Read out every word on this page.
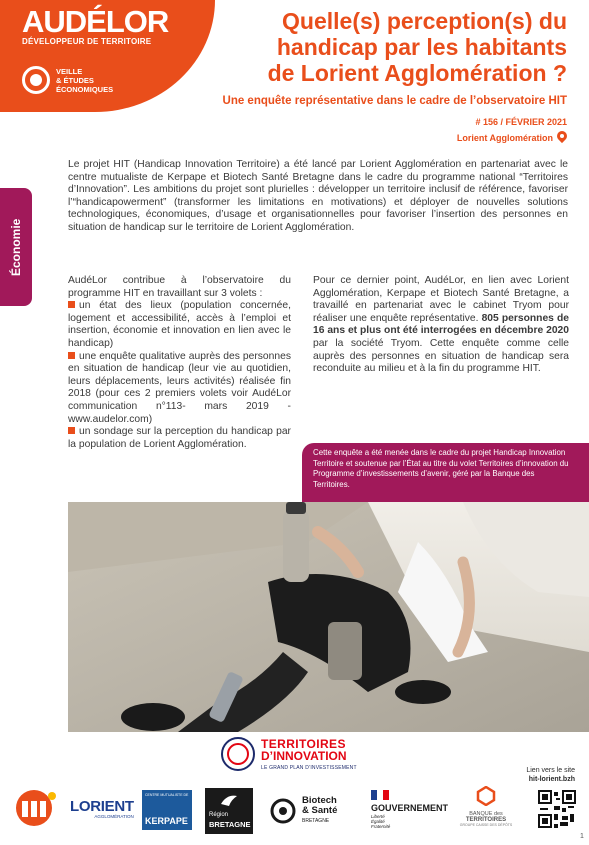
AUDÉLOR
DÉVELOPPEUR DE TERRITOIRE
VEILLE
& ÉTUDES
ÉCONOMIQUES
Quelle(s) perception(s) du
handicap par les habitants
de Lorient Agglomération ?
Une enquête représentative dans le cadre de l’observatoire HIT
# 156 / FÉVRIER 2021
Lorient Agglomération
Économie

Le projet HIT (Handicap Innovation Territoire) a été lancé par Lorient Agglomération en partenariat avec le centre mutualiste de Kerpape et Biotech Santé Bretagne dans le cadre du programme national “Territoires d’Innovation”. Les ambitions du projet sont plurielles : développer un territoire inclusif de référence, favoriser l’“handicapowerment” (transformer les limitations en motivations) et déployer de nouvelles solutions technologiques, économiques, d’usage et organisationnelles pour favoriser l’insertion des personnes en situation de handicap sur le territoire de Lorient Agglomération.

AudéLor contribue à l’observatoire du programme HIT en travaillant sur 3 volets :

un état des lieux (population concernée, logement et accessibilité, accès à l’emploi et insertion, économie et innovation en lien avec le handicap)

une enquête qualitative auprès des personnes en situation de handicap (leur vie au quotidien, leurs déplacements, leurs activités) réalisée fin 2018 (pour ces 2 premiers volets voir AudéLor communication n°113- mars 2019 - www.audelor.com)

un sondage sur la perception du handicap par la population de Lorient Agglomération.

Pour ce dernier point, AudéLor, en lien avec Lorient Agglomération, Kerpape et Biotech Santé Bretagne, a travaillé en partenariat avec le cabinet Tryom pour réaliser une enquête représentative. 805 personnes de 16 ans et plus ont été interrogées en décembre 2020 par la société Tryom. Cette enquête comme celle auprès des personnes en situation de handicap sera reconduite au milieu et à la fin du programme HIT.

Cette enquête a été menée dans le cadre du projet Handicap Innovation Territoire et soutenue par l’État au titre du volet Territoires d’innovation du Programme d’investissements d’avenir, géré par la Banque des Territoires.
TERRITOIRES
D’INNOVATION
LE GRAND PLAN D’INVESTISSEMENT	Lien vers le site
hit-lorient.bzh
LORIENT
AGGLOMÉRATION
CENTRE MUTUALISTE DE
KERPAPE
Région
BRETAGNE
Biotech
& Santé
BRETAGNE
GOUVERNEMENT
Liberté
Égalité
Fraternité
BANQUE des
TERRITOIRES
GROUPE CAISSE DES DÉPÔTS
1
